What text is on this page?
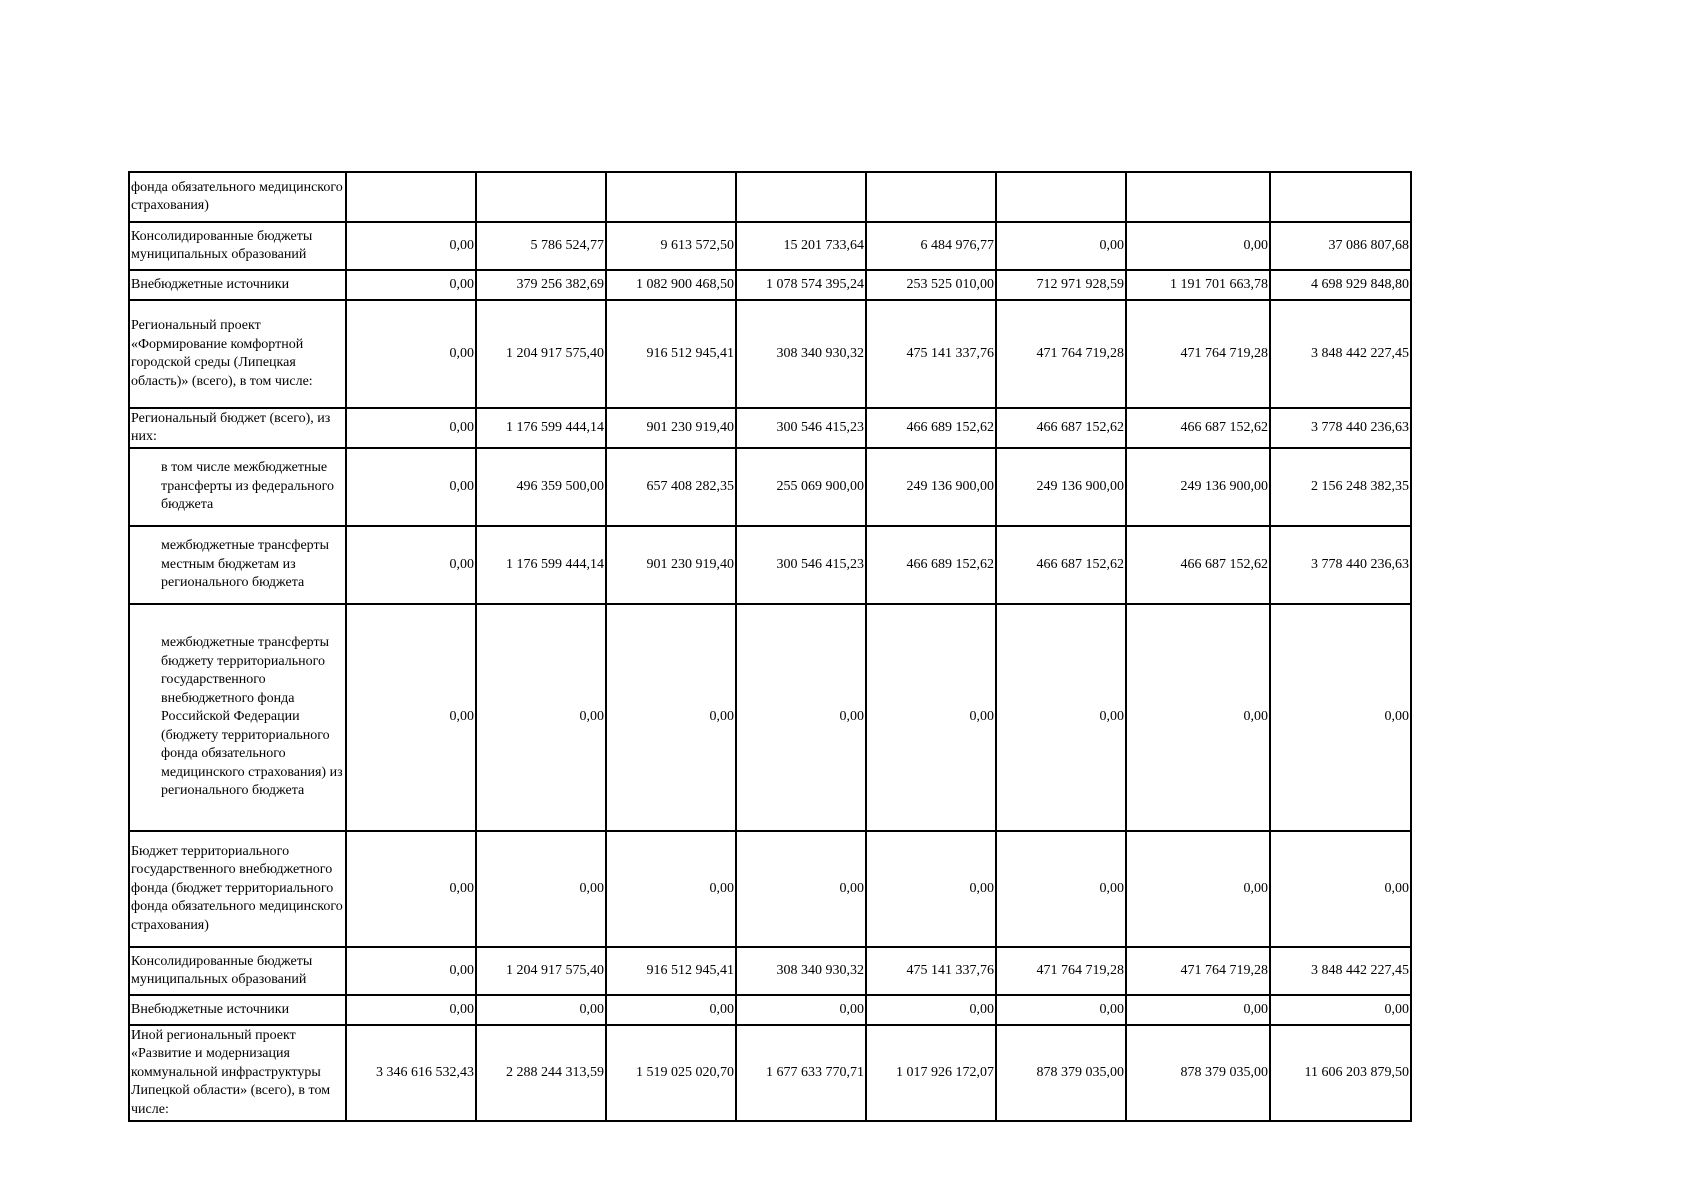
фонда обязательного медицинского страхования)								
Консолидированные бюджеты муниципальных образований	0,00	5 786 524,77	9 613 572,50	15 201 733,64	6 484 976,77	0,00	0,00	37 086 807,68
Внебюджетные источники	0,00	379 256 382,69	1 082 900 468,50	1 078 574 395,24	253 525 010,00	712 971 928,59	1 191 701 663,78	4 698 929 848,80
Региональный проект «Формирование комфортной городской среды (Липецкая область)» (всего), в том числе:	0,00	1 204 917 575,40	916 512 945,41	308 340 930,32	475 141 337,76	471 764 719,28	471 764 719,28	3 848 442 227,45
Региональный бюджет (всего), из них:	0,00	1 176 599 444,14	901 230 919,40	300 546 415,23	466 689 152,62	466 687 152,62	466 687 152,62	3 778 440 236,63
в том числе межбюджетные трансферты из федерального бюджета	0,00	496 359 500,00	657 408 282,35	255 069 900,00	249 136 900,00	249 136 900,00	249 136 900,00	2 156 248 382,35
межбюджетные трансферты местным бюджетам из регионального бюджета	0,00	1 176 599 444,14	901 230 919,40	300 546 415,23	466 689 152,62	466 687 152,62	466 687 152,62	3 778 440 236,63
межбюджетные трансферты бюджету территориального государственного внебюджетного фонда Российской Федерации (бюджету территориального фонда обязательного медицинского страхования) из регионального бюджета	0,00	0,00	0,00	0,00	0,00	0,00	0,00	0,00
Бюджет территориального государственного внебюджетного фонда (бюджет территориального фонда обязательного медицинского страхования)	0,00	0,00	0,00	0,00	0,00	0,00	0,00	0,00
Консолидированные бюджеты муниципальных образований	0,00	1 204 917 575,40	916 512 945,41	308 340 930,32	475 141 337,76	471 764 719,28	471 764 719,28	3 848 442 227,45
Внебюджетные источники	0,00	0,00	0,00	0,00	0,00	0,00	0,00	0,00
Иной региональный проект «Развитие и модернизация коммунальной инфраструктуры Липецкой области» (всего), в том числе:	3 346 616 532,43	2 288 244 313,59	1 519 025 020,70	1 677 633 770,71	1 017 926 172,07	878 379 035,00	878 379 035,00	11 606 203 879,50
